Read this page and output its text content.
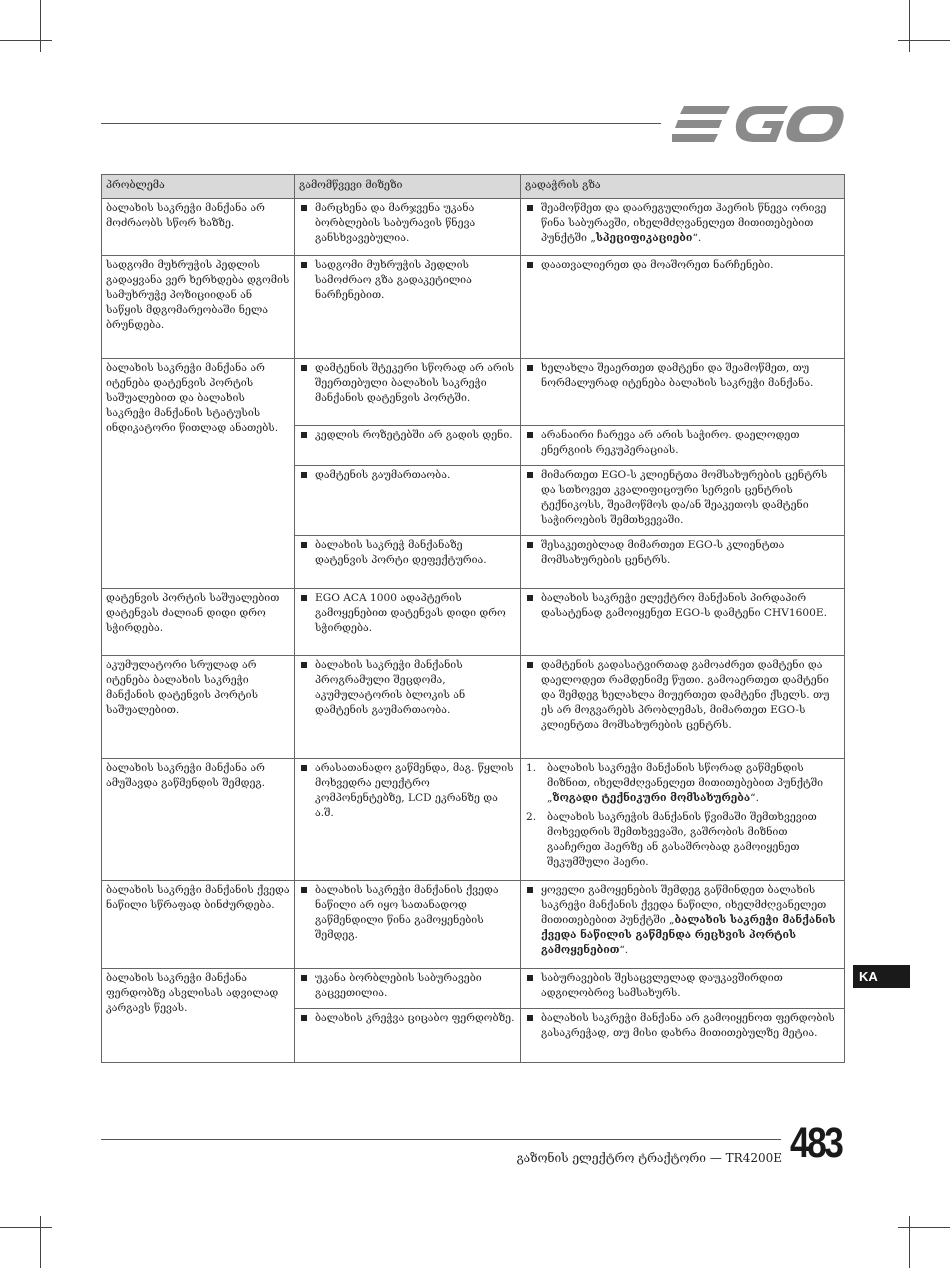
პრობლემა	გამომწვევი მიზეზი	გადაჭრის გზა
ბალახის საკრეჭი მანქანა არ მოძრაობს სწორ ხაზზე.	მარცხენა და მარჯვენა უკანა ბორბლების საბურავის წნევა განსხვავებულია.	შეამოწმეთ და დაარეგულირეთ ჰაერის წნევა ორივე წინა საბურავში, იხელმძღვანელეთ მითითებებით პუნქტში „სპეციფიკაციები“.

სადგომი მუხრუჭის პედლის გადაყვანა ვერ ხერხდება დგომის სამუხრუჭე პოზიციიდან ან საწყის მდგომარეობაში ნელა ბრუნდება.	სადგომი მუხრუჭის პედლის სამოძრაო გზა გადაკეტილია ნარჩენებით.	დაათვალიერეთ და მოაშორეთ ნარჩენები.

ბალახის საკრეჭი მანქანა არ იტენება დატენვის პორტის საშუალებით და ბალახის საკრეჭი მანქანის სტატუსის ინდიკატორი წითლად ანათებს.	დამტენის შტეკერი სწორად არ არის შეერთებული ბალახის საკრეჭი მანქანის დატენვის პორტში.	ხელახლა შეაერთეთ დამტენი და შეამოწმეთ, თუ ნორმალურად იტენება ბალახის საკრეჭი მანქანა.

	კედლის როზეტებში არ გადის დენი.	არანაირი ჩარევა არ არის საჭირო. დაელოდეთ ენერგიის რეკუპერაციას.

	დამტენის გაუმართაობა.	მიმართეთ EGO-ს კლიენტთა მომსახურების ცენტრს და სთხოვეთ კვალიფიციური სერვის ცენტრის ტექნიკოსს, შეამოწმოს და/ან შეაკეთოს დამტენი საჭიროების შემთხვევაში.

	ბალახის საკრეჭ მანქანაზე დატენვის პორტი დეფექტურია.	შესაკეთებლად მიმართეთ EGO-ს კლიენტთა მომსახურების ცენტრს.

დატენვის პორტის საშუალებით დატენვას ძალიან დიდი დრო სჭირდება.	EGO ACA 1000 ადაპტერის გამოყენებით დატენვას დიდი დრო სჭირდება.	ბალახის საკრეჭი ელექტრო მანქანის პირდაპირ დასატენად გამოიყენეთ EGO-ს დამტენი CHV1600E.

აკუმულატორი სრულად არ იტენება ბალახის საკრეჭი მანქანის დატენვის პორტის საშუალებით.	ბალახის საკრეჭი მანქანის პროგრამული შეცდომა, აკუმულატორის ბლოკის ან დამტენის გაუმართაობა.	დამტენის გადასატვირთად გამოაძრეთ დამტენი და დაელოდეთ რამდენიმე წუთი. გამოაერთეთ დამტენი და შემდეგ ხელახლა მიუერთეთ დამტენი ქსელს. თუ ეს არ მოგვარებს პრობლემას, მიმართეთ EGO-ს კლიენტთა მომსახურების ცენტრს.

ბალახის საკრეჭი მანქანა არ ამუშავდა გაწმენდის შემდეგ.	არასათანადო გაწმენდა, მაგ. წყლის მოხვედრა ელექტრო კომპონენტებზე, LCD ეკრანზე და ა.შ.	1. ბალახის საკრეჭი მანქანის სწორად გაწმენდის მიზნით, იხელმძღვანელეთ მითითებებით პუნქტში „ზოგადი ტექნიკური მომსახურება“.
2. ბალახის საკრეჭის მანქანის წვიმაში შემთხვევით მოხვედრის შემთხვევაში, გაშრობის მიზნით გააჩერეთ ჰაერზე ან გასაშრობად გამოიყენეთ შეკუმშული ჰაერი.

ბალახის საკრეჭი მანქანის ქვედა ნაწილი სწრაფად ბინძურდება.	ბალახის საკრეჭი მანქანის ქვედა ნაწილი არ იყო სათანადოდ გაწმენდილი წინა გამოყენების შემდეგ.	ყოველი გამოყენების შემდეგ გაწმინდეთ ბალახის საკრეჭი მანქანის ქვედა ნაწილი, იხელმძღვანელეთ მითითებებით პუნქტში „ბალახის საკრეჭი მანქანის ქვედა ნაწილის გაწმენდა რეცხვის პორტის გამოყენებით“.

ბალახის საკრეჭი მანქანა ფერდობზე ასვლისას ადვილად კარგავს წევას.	უკანა ბორბლების საბურავები გაცვეთილია.	საბურავების შესაცვლელად დაუკავშირდით ადგილობრივ სამსახურს.

	ბალახის კრეჭვა ციცაბო ფერდობზე.	ბალახის საკრეჭი მანქანა არ გამოიყენოთ ფერდობის გასაკრეჭად, თუ მისი დახრა მითითებულზე მეტია.
KA
გაზონის ელექტრო ტრაქტორი — TR4200E 483
